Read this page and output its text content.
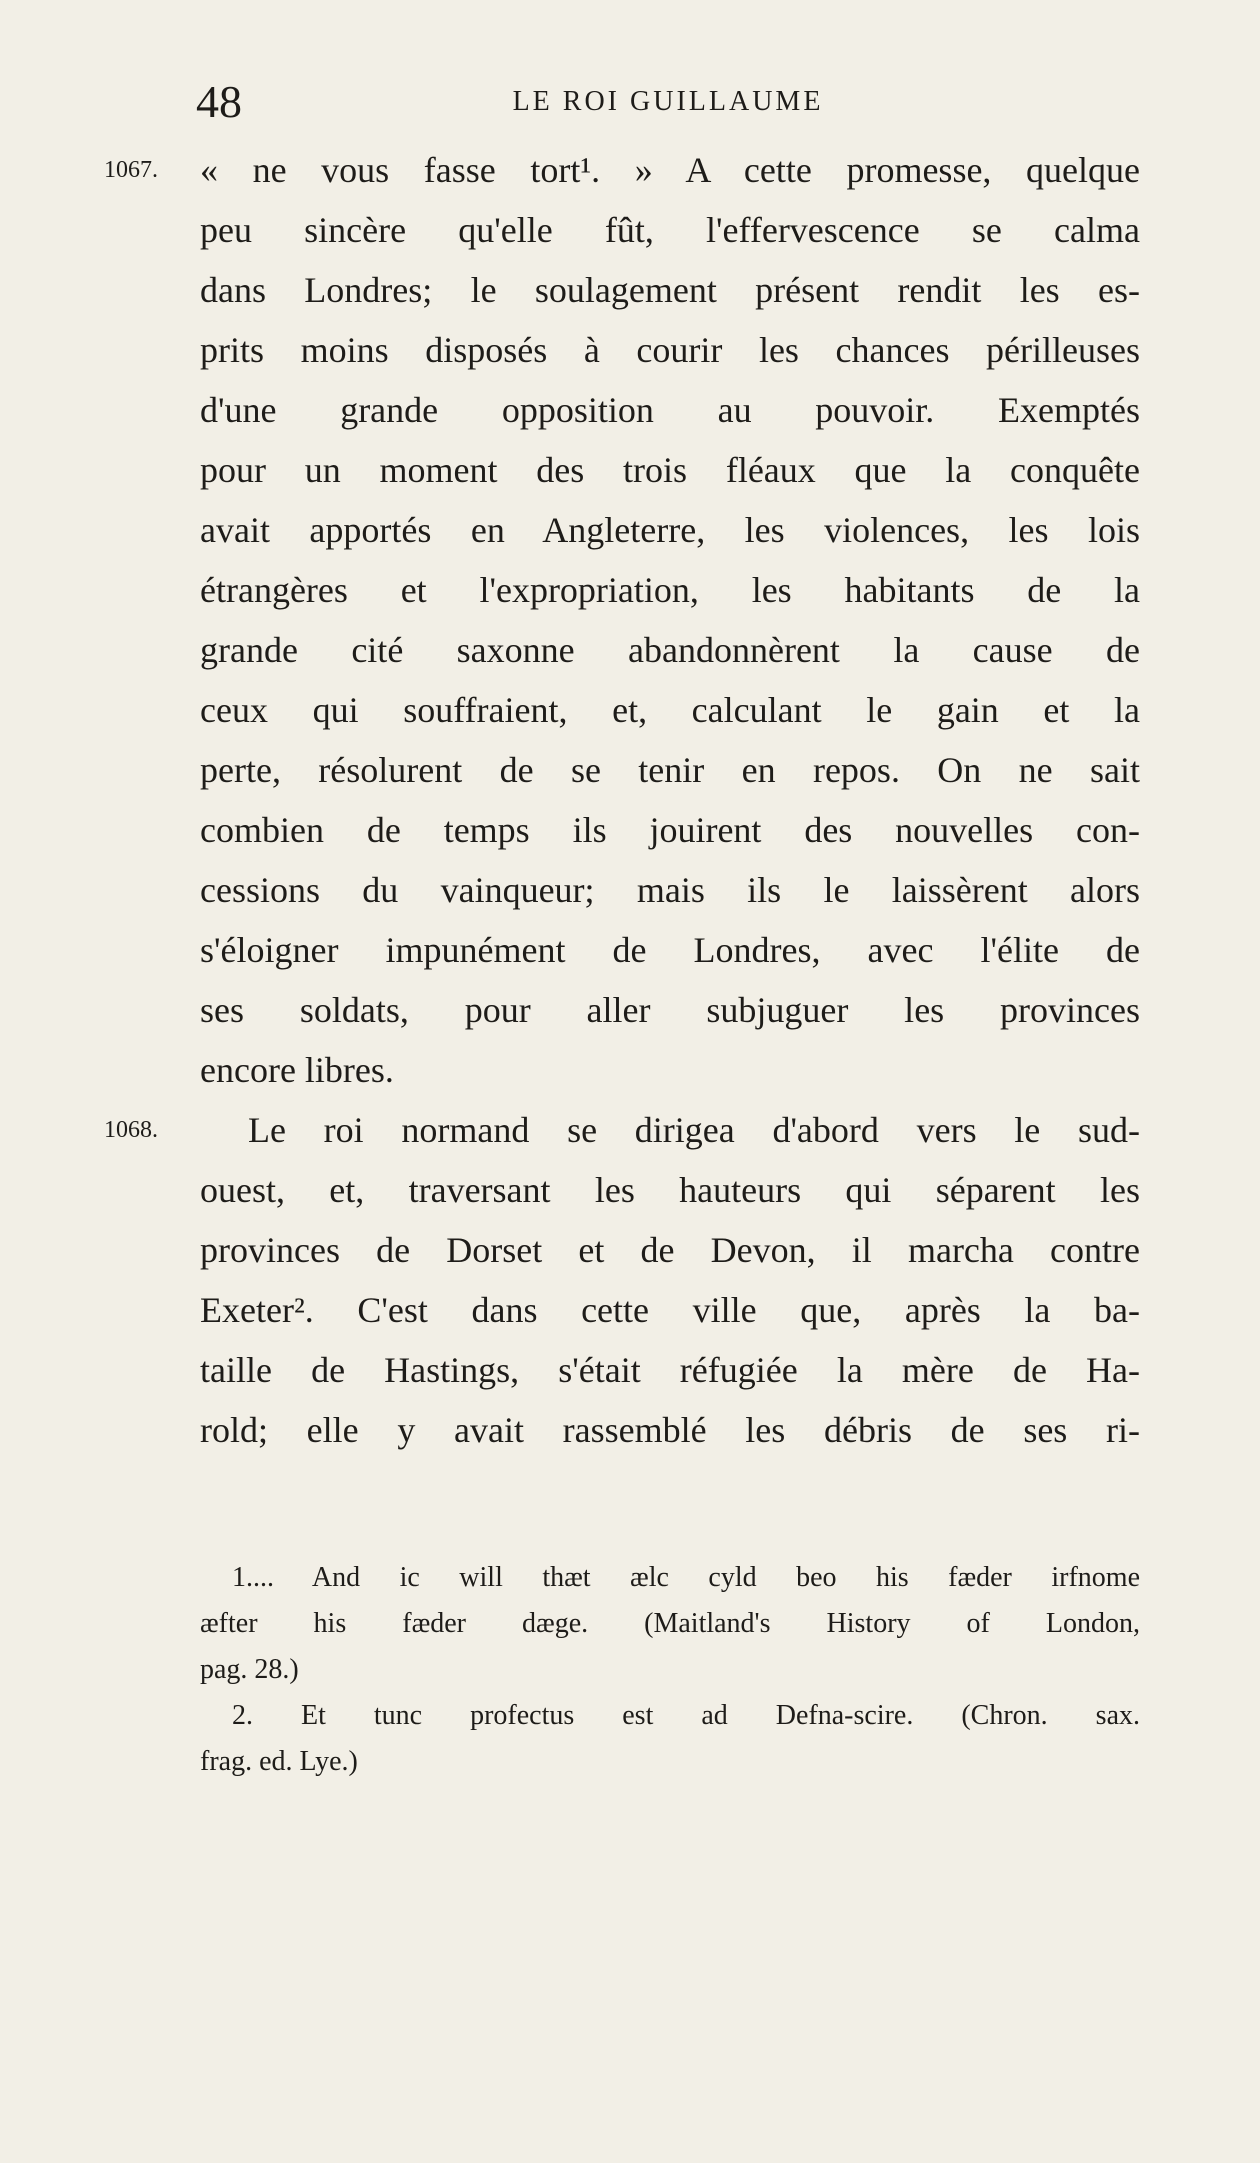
48	LE ROI GUILLAUME
1067.
1068.
« ne vous fasse tort¹. » A cette promesse, quelque
peu sincère qu'elle fût, l'effervescence se calma
dans Londres; le soulagement présent rendit les es-
prits moins disposés à courir les chances périlleuses
d'une grande opposition au pouvoir. Exemptés
pour un moment des trois fléaux que la conquête
avait apportés en Angleterre, les violences, les lois
étrangères et l'expropriation, les habitants de la
grande cité saxonne abandonnèrent la cause de
ceux qui souffraient, et, calculant le gain et la
perte, résolurent de se tenir en repos. On ne sait
combien de temps ils jouirent des nouvelles con-
cessions du vainqueur; mais ils le laissèrent alors
s'éloigner impunément de Londres, avec l'élite de
ses soldats, pour aller subjuguer les provinces
encore libres.
Le roi normand se dirigea d'abord vers le sud-
ouest, et, traversant les hauteurs qui séparent les
provinces de Dorset et de Devon, il marcha contre
Exeter². C'est dans cette ville que, après la ba-
taille de Hastings, s'était réfugiée la mère de Ha-
rold; elle y avait rassemblé les débris de ses ri-
1.... And ic will thæt ælc cyld beo his fæder irfnome
æfter his fæder dæge. (Maitland's History of London,
pag. 28.)
2. Et tunc profectus est ad Defna-scire. (Chron. sax.
frag. ed. Lye.)
